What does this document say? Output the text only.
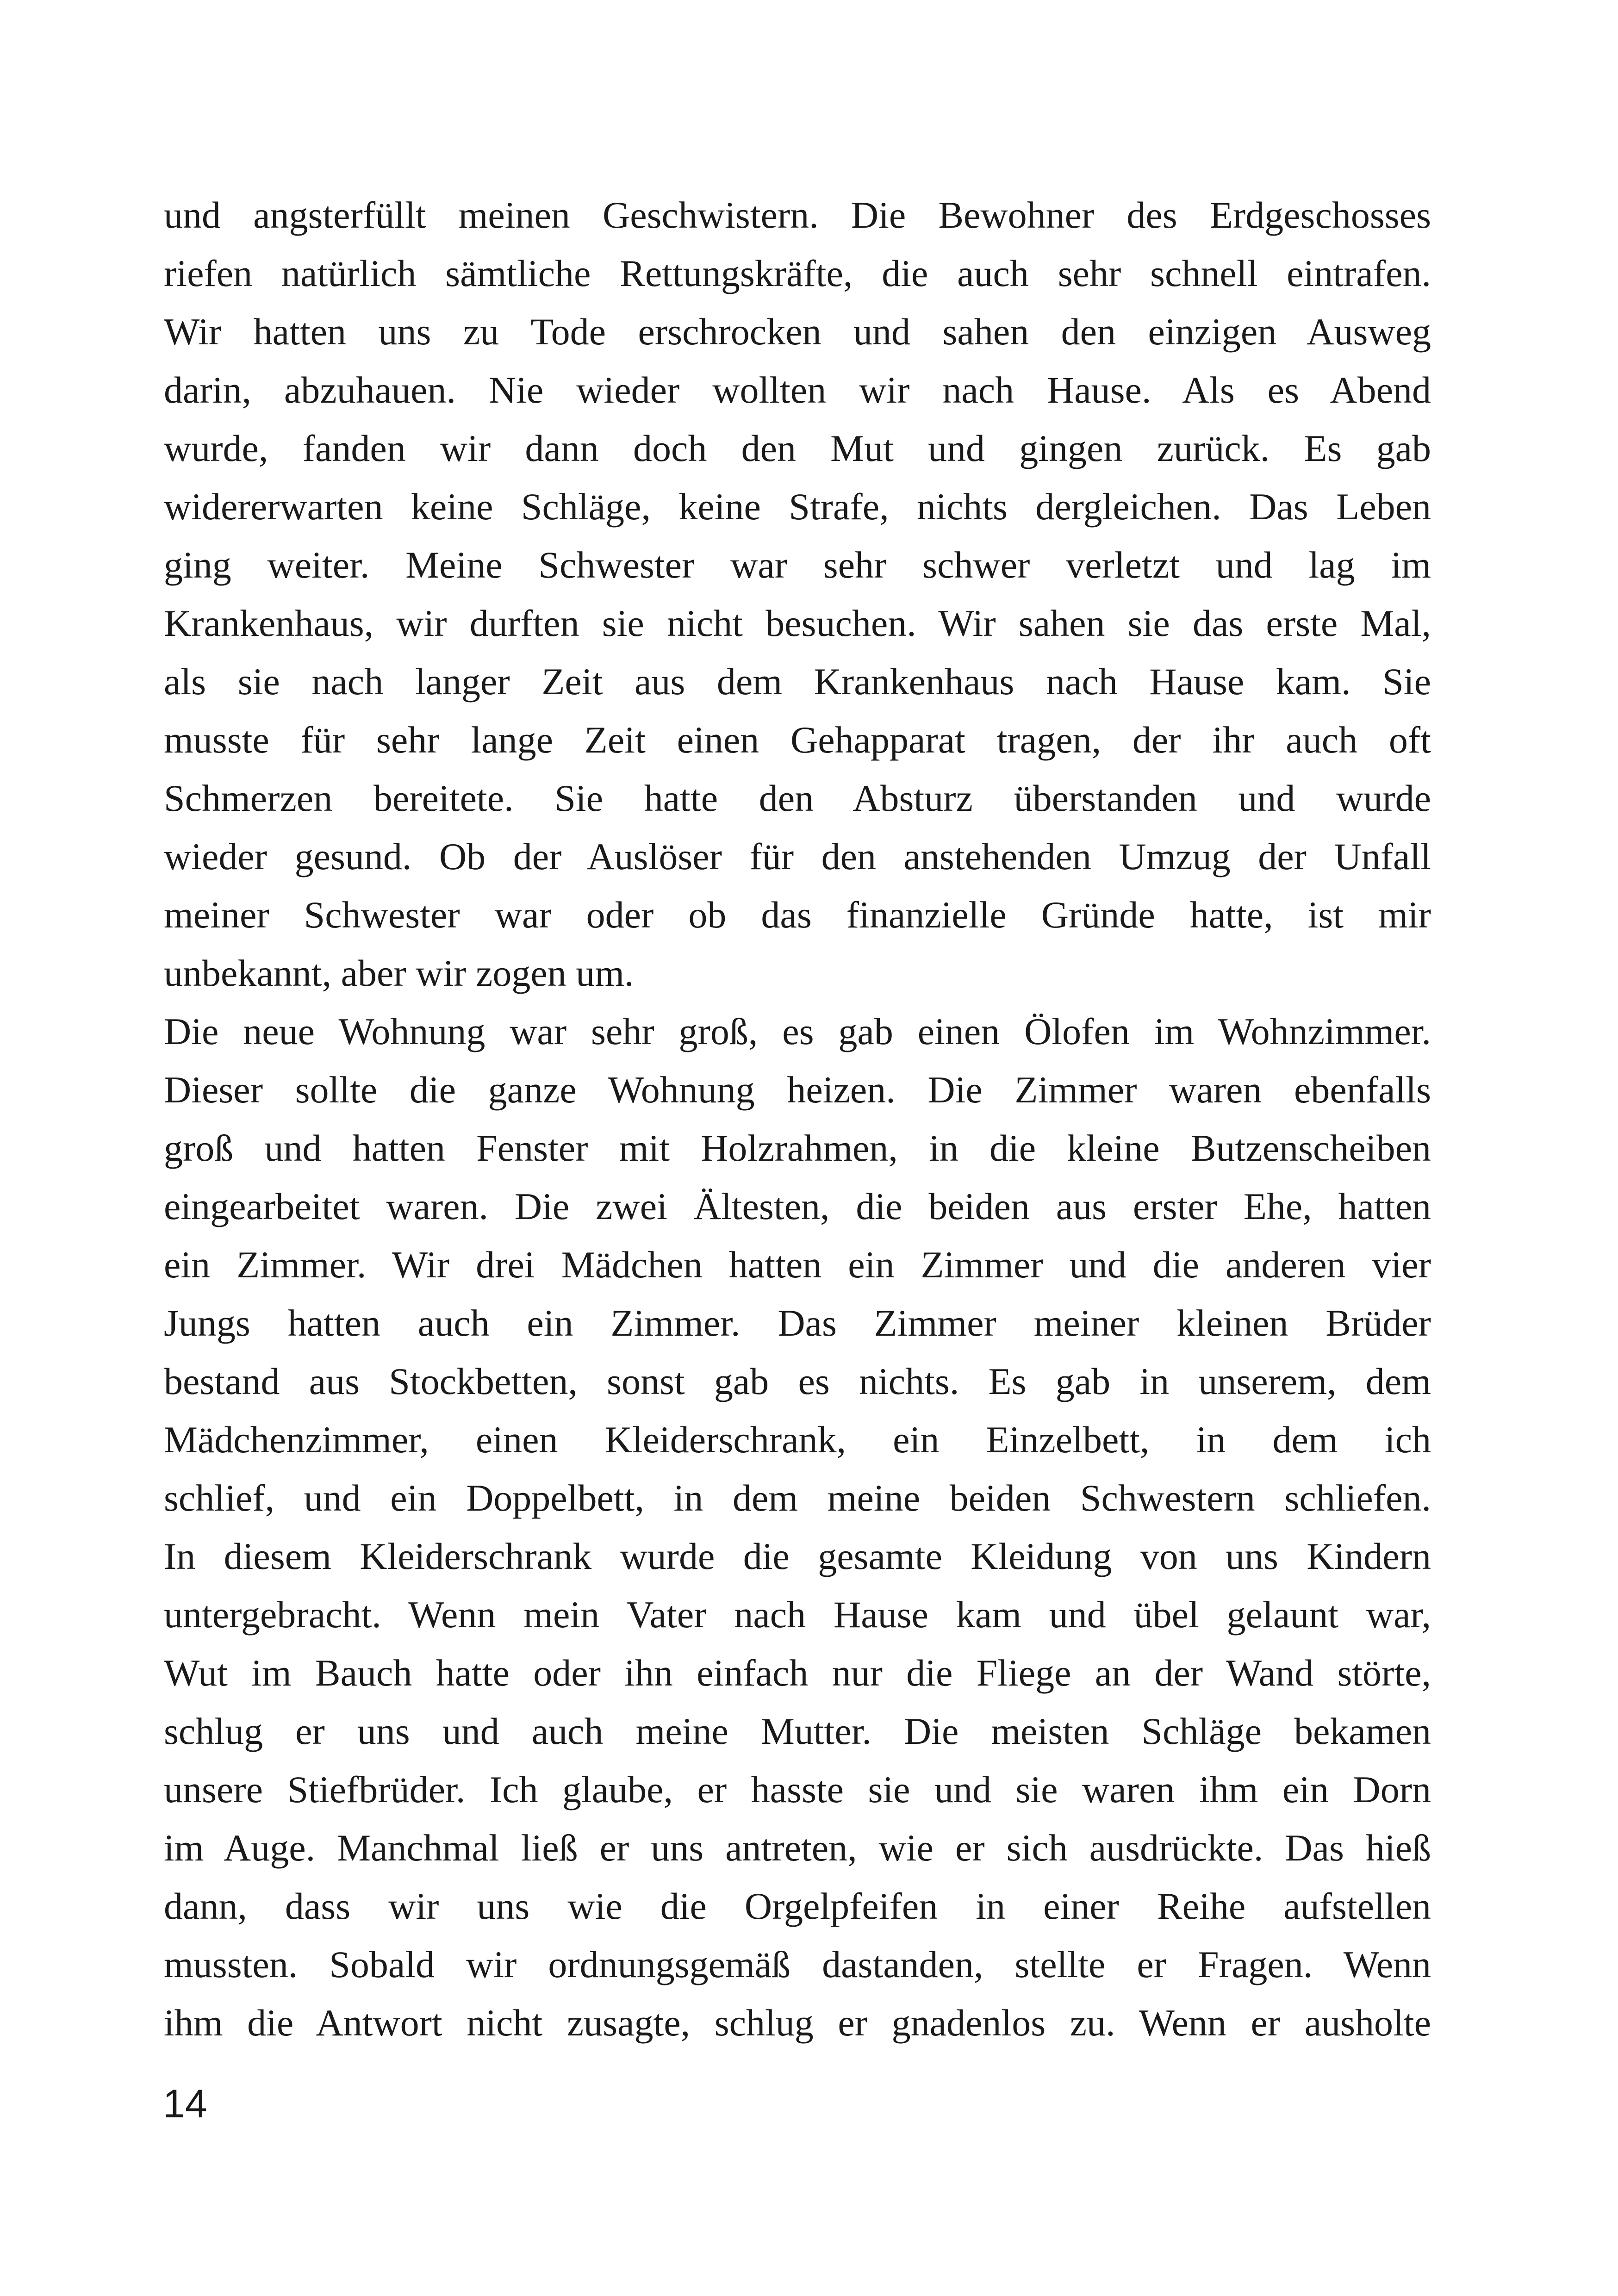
und angsterfüllt meinen Geschwistern. Die Bewohner des Erdgeschosses
riefen natürlich sämtliche Rettungskräfte, die auch sehr schnell eintrafen.
Wir hatten uns zu Tode erschrocken und sahen den einzigen Ausweg
darin, abzuhauen. Nie wieder wollten wir nach Hause. Als es Abend
wurde, fanden wir dann doch den Mut und gingen zurück. Es gab
widererwarten keine Schläge, keine Strafe, nichts dergleichen. Das Leben
ging weiter. Meine Schwester war sehr schwer verletzt und lag im
Krankenhaus, wir durften sie nicht besuchen. Wir sahen sie das erste Mal,
als sie nach langer Zeit aus dem Krankenhaus nach Hause kam. Sie
musste für sehr lange Zeit einen Gehapparat tragen, der ihr auch oft
Schmerzen bereitete. Sie hatte den Absturz überstanden und wurde
wieder gesund. Ob der Auslöser für den anstehenden Umzug der Unfall
meiner Schwester war oder ob das finanzielle Gründe hatte, ist mir
unbekannt, aber wir zogen um.
Die neue Wohnung war sehr groß, es gab einen Ölofen im Wohnzimmer.
Dieser sollte die ganze Wohnung heizen. Die Zimmer waren ebenfalls
groß und hatten Fenster mit Holzrahmen, in die kleine Butzenscheiben
eingearbeitet waren. Die zwei Ältesten, die beiden aus erster Ehe, hatten
ein Zimmer. Wir drei Mädchen hatten ein Zimmer und die anderen vier
Jungs hatten auch ein Zimmer. Das Zimmer meiner kleinen Brüder
bestand aus Stockbetten, sonst gab es nichts. Es gab in unserem, dem
Mädchenzimmer, einen Kleiderschrank, ein Einzelbett, in dem ich
schlief, und ein Doppelbett, in dem meine beiden Schwestern schliefen.
In diesem Kleiderschrank wurde die gesamte Kleidung von uns Kindern
untergebracht. Wenn mein Vater nach Hause kam und übel gelaunt war,
Wut im Bauch hatte oder ihn einfach nur die Fliege an der Wand störte,
schlug er uns und auch meine Mutter. Die meisten Schläge bekamen
unsere Stiefbrüder. Ich glaube, er hasste sie und sie waren ihm ein Dorn
im Auge. Manchmal ließ er uns antreten, wie er sich ausdrückte. Das hieß
dann, dass wir uns wie die Orgelpfeifen in einer Reihe aufstellen
mussten. Sobald wir ordnungsgemäß dastanden, stellte er Fragen. Wenn
ihm die Antwort nicht zusagte, schlug er gnadenlos zu. Wenn er ausholte
14
